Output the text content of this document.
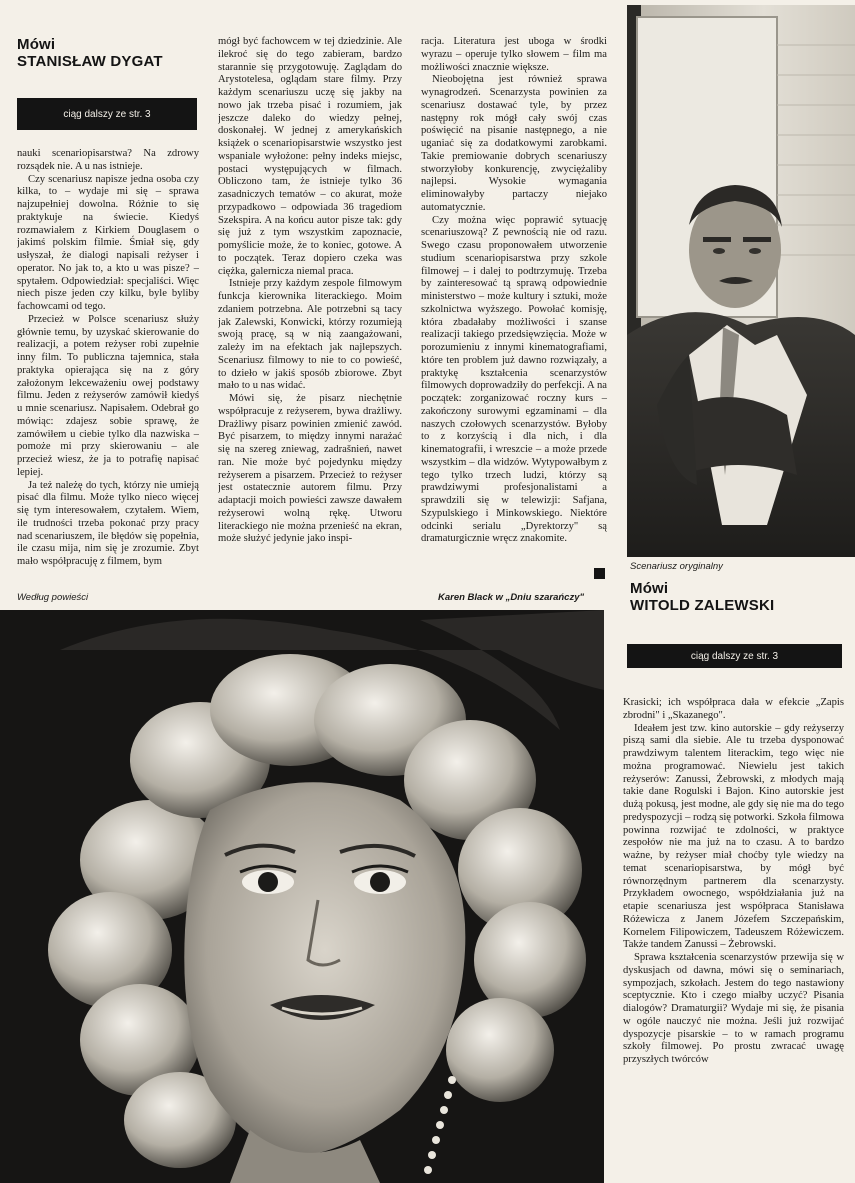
Mówi
STANISŁAW DYGAT
ciąg dalszy ze str. 3

nauki scenariopisarstwa? Na zdrowy rozsądek nie. A u nas istnieje.

Czy scenariusz napisze jedna osoba czy kilka, to – wydaje mi się – sprawa najzupełniej dowolna. Różnie to się praktykuje na świecie. Kiedyś rozmawiałem z Kirkiem Douglasem o jakimś polskim filmie. Śmiał się, gdy usłyszał, że dialogi napisali reżyser i operator. No jak to, a kto u was pisze? – spytałem. Odpowiedział: specjaliści. Więc niech pisze jeden czy kilku, byle byliby fachowcami od tego.

Przecież w Polsce scenariusz służy głównie temu, by uzyskać skierowanie do realizacji, a potem reżyser robi zupełnie inny film. To publiczna tajemnica, stała praktyka opierająca się na z góry założonym lekceważeniu owej podstawy filmu. Jeden z reżyserów zamówił kiedyś u mnie scenariusz. Napisałem. Odebrał go mówiąc: zdajesz sobie sprawę, że zamówiłem u ciebie tylko dla nazwiska – pomoże mi przy skierowaniu – ale przecież wiesz, że ja to potrafię napisać lepiej.

Ja też należę do tych, którzy nie umieją pisać dla filmu. Może tylko nieco więcej się tym interesowałem, czytałem. Wiem, ile trudności trzeba pokonać przy pracy nad scenariuszem, ile błędów się popełnia, ile czasu mija, nim się je zrozumie. Zbyt mało współpracuję z filmem, bym

mógł być fachowcem w tej dziedzinie. Ale ilekroć się do tego zabieram, bardzo starannie się przygotowuję. Zaglądam do Arystotelesa, oglądam stare filmy. Przy każdym scenariuszu uczę się jakby na nowo jak trzeba pisać i rozumiem, jak jeszcze daleko do wiedzy pełnej, doskonałej. W jednej z amerykańskich książek o scenariopisarstwie wszystko jest wspaniale wyłożone: pełny indeks miejsc, postaci występujących w filmach. Obliczono tam, że istnieje tylko 36 zasadniczych tematów – co akurat, może przypadkowo – odpowiada 36 tragediom Szekspira. A na końcu autor pisze tak: gdy się już z tym wszystkim zapoznacie, pomyślicie może, że to koniec, gotowe. A to początek. Teraz dopiero czeka was ciężka, galernicza niemal praca.

Istnieje przy każdym zespole filmowym funkcja kierownika literackiego. Moim zdaniem potrzebna. Ale potrzebni są tacy jak Zalewski, Konwicki, którzy rozumieją swoją pracę, są w nią zaangażowani, zależy im na efektach jak najlepszych. Scenariusz filmowy to nie to co powieść, to dzieło w jakiś sposób zbiorowe. Zbyt mało to u nas widać.

Mówi się, że pisarz niechętnie współpracuje z reżyserem, bywa drażliwy. Drażliwy pisarz powinien zmienić zawód. Być pisarzem, to między innymi narażać się na szereg zniewag, zadrašnień, nawet ran. Nie może być pojedynku między reżyserem a pisarzem. Przecież to reżyser jest ostatecznie autorem filmu. Przy adaptacji moich powieści zawsze dawałem reżyserowi wolną rękę. Utworu literackiego nie można przenieść na ekran, może służyć jedynie jako inspi-

racja. Literatura jest uboga w środki wyrazu – operuje tylko słowem – film ma możliwości znacznie większe.

Nieobojętna jest również sprawa wynagrodzeń. Scenarzysta powinien za scenariusz dostawać tyle, by przez następny rok mógł cały swój czas poświęcić na pisanie następnego, a nie uganiać się za dodatkowymi zarobkami. Takie premiowanie dobrych scenariuszy stworzyłoby konkurencję, zwyciężaliby najlepsi. Wysokie wymagania eliminowałyby partaczy niejako automatycznie.

Czy można więc poprawić sytuację scenariuszową? Z pewnością nie od razu. Swego czasu proponowałem utworzenie studium scenariopisarstwa przy szkole filmowej – i dalej to podtrzymuję. Trzeba by zainteresować tą sprawą odpowiednie ministerstwo – może kultury i sztuki, może szkolnictwa wyższego. Powołać komisję, która zbadałaby możliwości i szanse realizacji takiego przedsięwzięcia. Może w porozumieniu z innymi kinematografiami, które ten problem już dawno rozwiązały, a praktykę kształcenia scenarzystów filmowych doprowadziły do perfekcji. A na początek: zorganizować roczny kurs – zakończony surowymi egzaminami – dla naszych czołowych scenarzystów. Byłoby to z korzyścią i dla nich, i dla kinematografii, i wreszcie – a może przede wszystkim – dla widzów. Wytypowałbym z tego tylko trzech ludzi, którzy są prawdziwymi profesjonalistami a sprawdzili się w telewizji: Safjana, Szypulskiego i Minkowskiego. Niektóre odcinki serialu „Dyrektorzy" są dramaturgicznie wręcz znakomite.

Według powieści	Karen Black w „Dniu szarańczy"
Scenariusz oryginalny
Mówi
WITOLD ZALEWSKI
ciąg dalszy ze str. 3

Krasicki; ich współpraca dała w efekcie „Zapis zbrodni" i „Skazanego".

Ideałem jest tzw. kino autorskie – gdy reżyserzy piszą sami dla siebie. Ale tu trzeba dysponować prawdziwym talentem literackim, tego więc nie można programować. Niewielu jest takich reżyserów: Zanussi, Żebrowski, z młodych mają takie dane Rogulski i Bajon. Kino autorskie jest dużą pokusą, jest modne, ale gdy się nie ma do tego predyspozycji – rodzą się potworki. Szkoła filmowa powinna rozwijać te zdolności, w praktyce zespołów nie ma już na to czasu. A to bardzo ważne, by reżyser miał choćby tyle wiedzy na temat scenariopisarstwa, by mógł być równorzędnym partnerem dla scenarzysty. Przykładem owocnego, współdziałania już na etapie scenariusza jest współpraca Stanisława Różewicza z Janem Józefem Szczepańskim, Kornelem Filipowiczem, Tadeuszem Różewiczem. Także tandem Zanussi – Żebrowski.

Sprawa kształcenia scenarzystów przewija się w dyskusjach od dawna, mówi się o seminariach, sympozjach, szkołach. Jestem do tego nastawiony sceptycznie. Kto i czego miałby uczyć? Pisania dialogów? Dramaturgii? Wydaje mi się, że pisania w ogóle nauczyć nie można. Jeśli już rozwijać dyspozycje pisarskie – to w ramach programu szkoły filmowej. Po prostu zwracać uwagę przyszłych twórców
